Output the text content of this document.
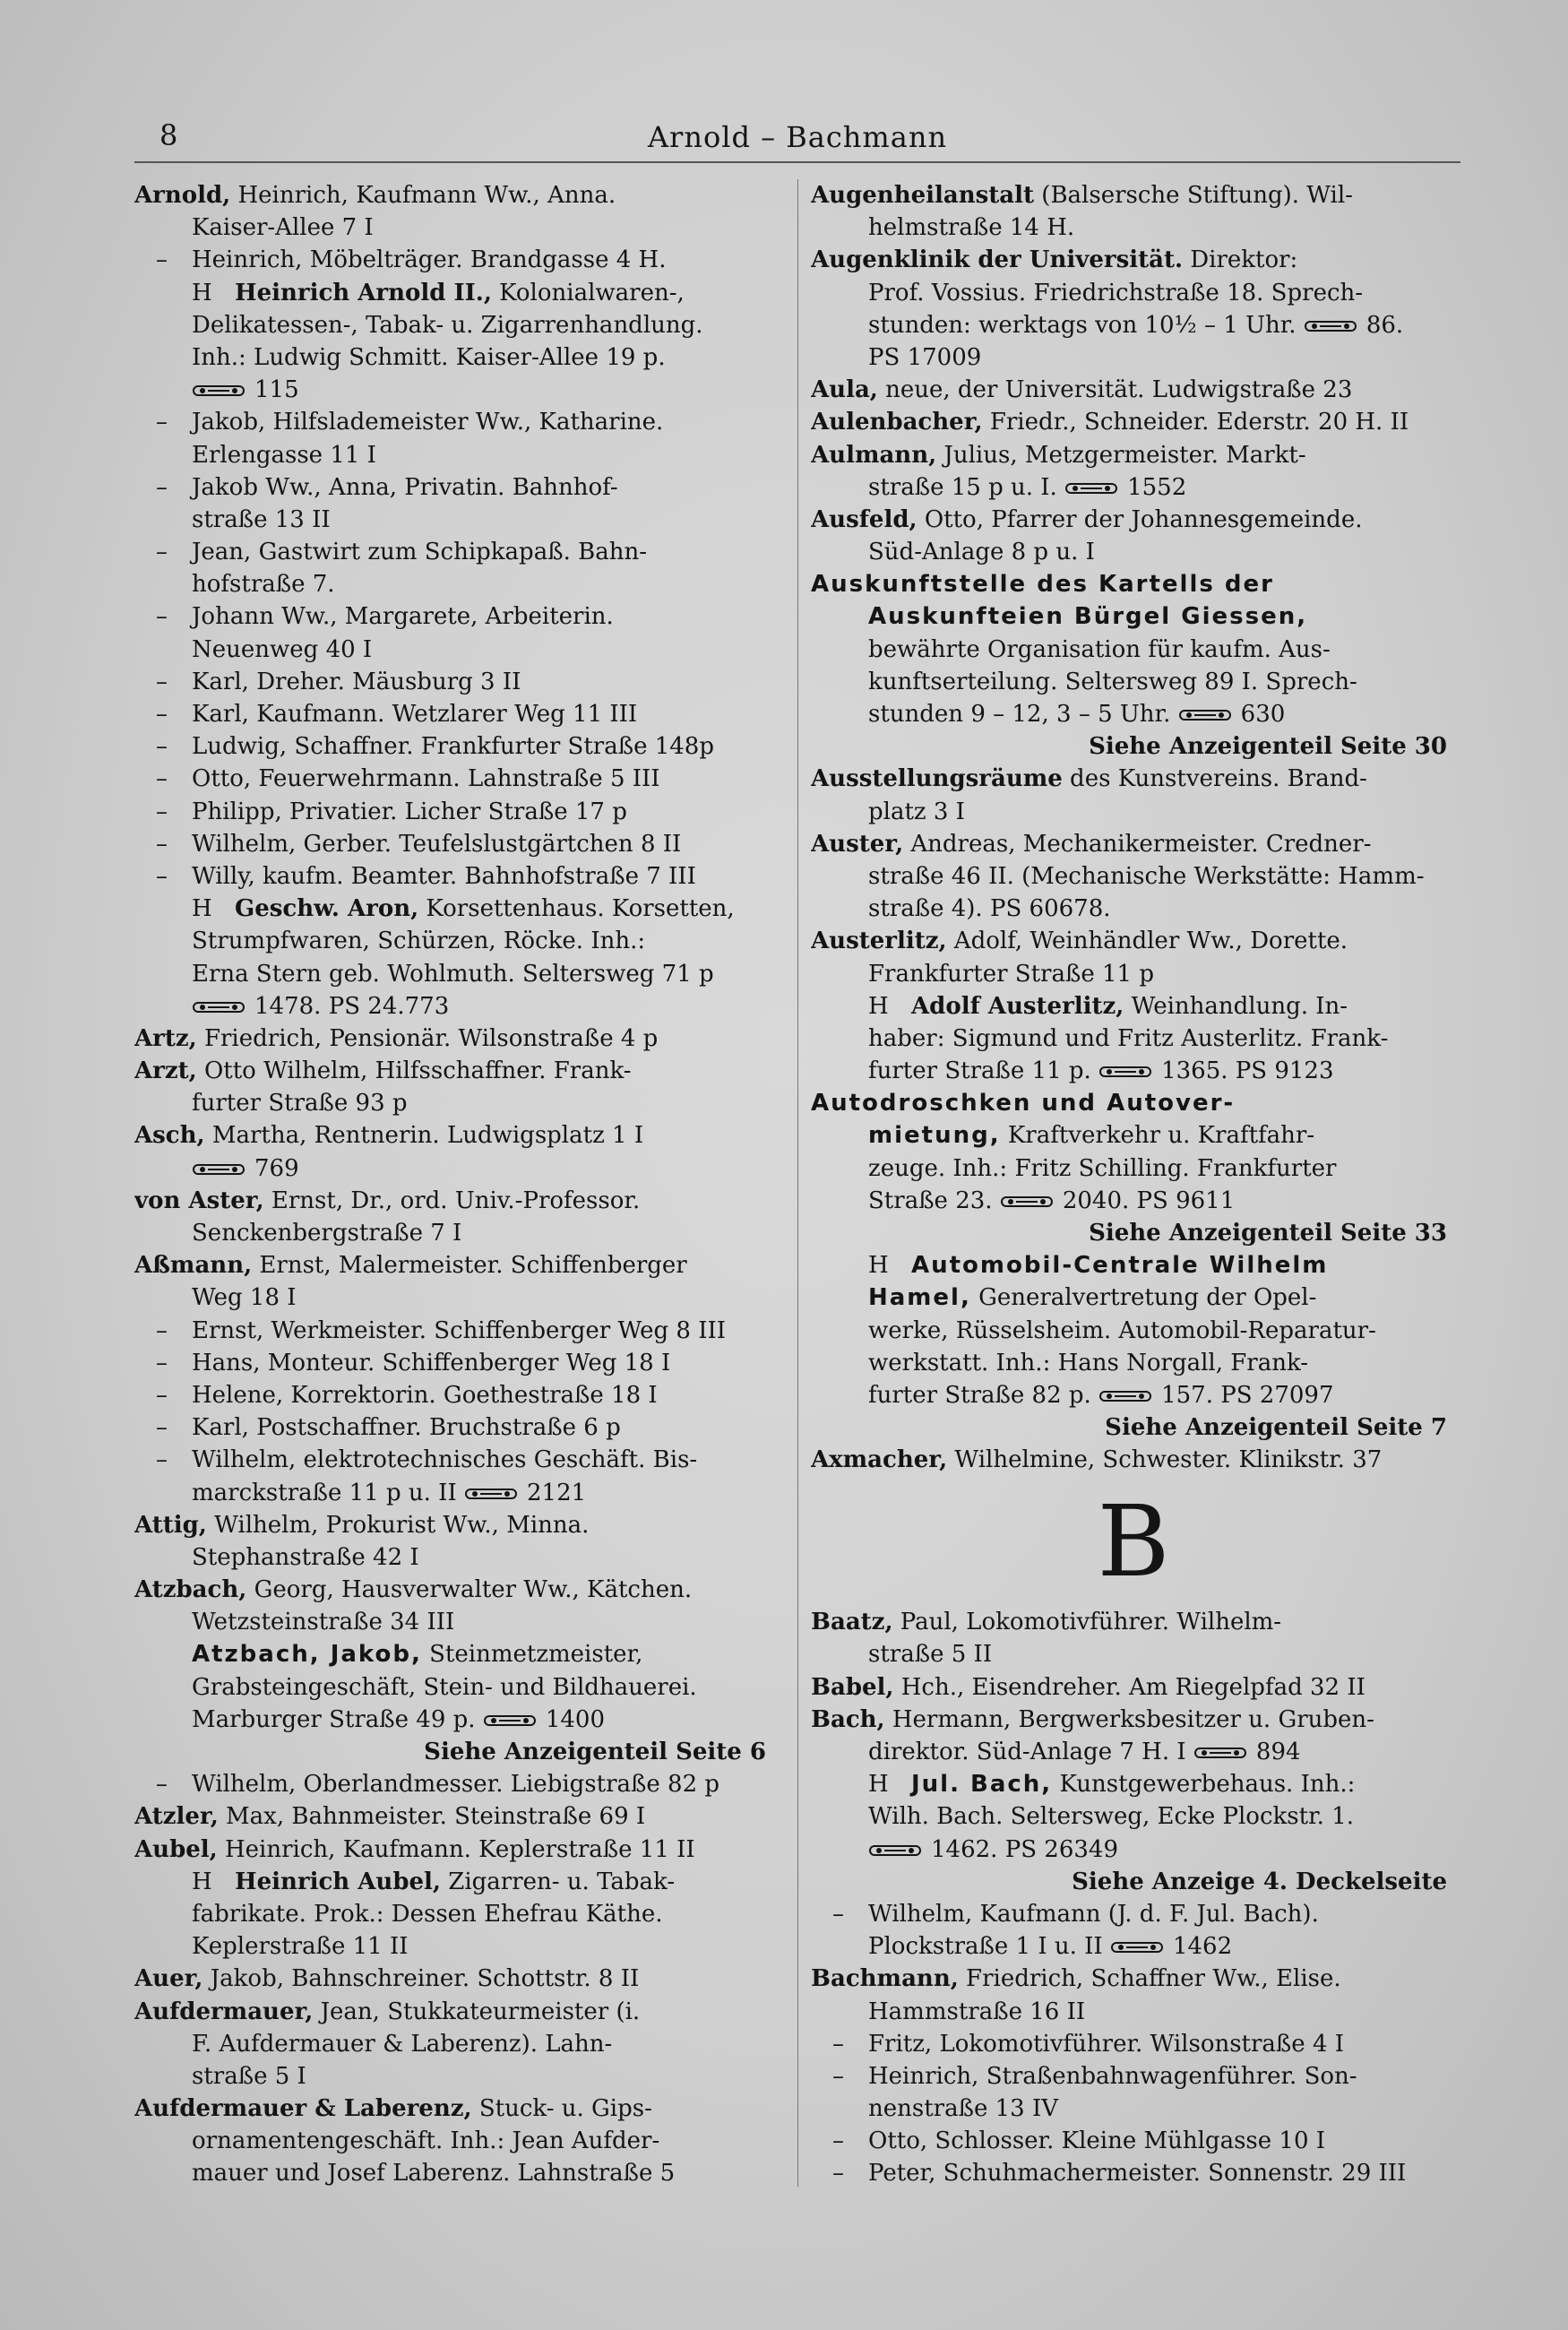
8	Arnold – Bachmann
Arnold, Heinrich, Kaufmann Ww., Anna.
Kaiser-Allee 7 I
– Heinrich, Möbelträger. Brandgasse 4 H.
H Heinrich Arnold II., Kolonialwaren-,
Delikatessen-, Tabak- u. Zigarrenhandlung.
Inh.: Ludwig Schmitt. Kaiser-Allee 19 p.
115
– Jakob, Hilfslademeister Ww., Katharine.
Erlengasse 11 I
– Jakob Ww., Anna, Privatin. Bahnhof-
straße 13 II
– Jean, Gastwirt zum Schipkapaß. Bahn-
hofstraße 7.
– Johann Ww., Margarete, Arbeiterin.
Neuenweg 40 I
– Karl, Dreher. Mäusburg 3 II
– Karl, Kaufmann. Wetzlarer Weg 11 III
– Ludwig, Schaffner. Frankfurter Straße 148p
– Otto, Feuerwehrmann. Lahnstraße 5 III
– Philipp, Privatier. Licher Straße 17 p
– Wilhelm, Gerber. Teufelslustgärtchen 8 II
– Willy, kaufm. Beamter. Bahnhofstraße 7 III
H Geschw. Aron, Korsettenhaus. Korsetten,
Strumpfwaren, Schürzen, Röcke. Inh.:
Erna Stern geb. Wohlmuth. Seltersweg 71 p
1478. PS 24.773
Artz, Friedrich, Pensionär. Wilsonstraße 4 p
Arzt, Otto Wilhelm, Hilfsschaffner. Frank-
furter Straße 93 p
Asch, Martha, Rentnerin. Ludwigsplatz 1 I
769
von Aster, Ernst, Dr., ord. Univ.-Professor.
Senckenbergstraße 7 I
Aßmann, Ernst, Malermeister. Schiffenberger
Weg 18 I
– Ernst, Werkmeister. Schiffenberger Weg 8 III
– Hans, Monteur. Schiffenberger Weg 18 I
– Helene, Korrektorin. Goethestraße 18 I
– Karl, Postschaffner. Bruchstraße 6 p
– Wilhelm, elektrotechnisches Geschäft. Bis-
marckstraße 11 p u. II	2121
Attig, Wilhelm, Prokurist Ww., Minna.
Stephanstraße 42 I
Atzbach, Georg, Hausverwalter Ww., Kätchen.
Wetzsteinstraße 34 III
Atzbach, Jakob, Steinmetzmeister,
Grabsteingeschäft, Stein- und Bildhauerei.
Marburger Straße 49 p.	1400
Siehe Anzeigenteil Seite 6
– Wilhelm, Oberlandmesser. Liebigstraße 82 p
Atzler, Max, Bahnmeister. Steinstraße 69 I
Aubel, Heinrich, Kaufmann. Keplerstraße 11 II
H Heinrich Aubel, Zigarren- u. Tabak-
fabrikate. Prok.: Dessen Ehefrau Käthe.
Keplerstraße 11 II
Auer, Jakob, Bahnschreiner. Schottstr. 8 II
Aufdermauer, Jean, Stukkateurmeister (i.
F. Aufdermauer & Laberenz). Lahn-
straße 5 I
Aufdermauer & Laberenz, Stuck- u. Gips-
ornamentengeschäft. Inh.: Jean Aufder-
mauer und Josef Laberenz. Lahnstraße 5
Augenheilanstalt (Balsersche Stiftung). Wil-
helmstraße 14 H.
Augenklinik der Universität. Direktor:
Prof. Vossius. Friedrichstraße 18. Sprech-
stunden: werktags von 10½ – 1 Uhr.	86.
PS 17009
Aula, neue, der Universität. Ludwigstraße 23
Aulenbacher, Friedr., Schneider. Ederstr. 20 H. II
Aulmann, Julius, Metzgermeister. Markt-
straße 15 p u. I.	1552
Ausfeld, Otto, Pfarrer der Johannesgemeinde.
Süd-Anlage 8 p u. I
Auskunftstelle des Kartells der
Auskunfteien Bürgel Giessen,
bewährte Organisation für kaufm. Aus-
kunftserteilung. Seltersweg 89 I. Sprech-
stunden 9 – 12, 3 – 5 Uhr.	630
Siehe Anzeigenteil Seite 30
Ausstellungsräume des Kunstvereins. Brand-
platz 3 I
Auster, Andreas, Mechanikermeister. Credner-
straße 46 II. (Mechanische Werkstätte: Hamm-
straße 4). PS 60678.
Austerlitz, Adolf, Weinhändler Ww., Dorette.
Frankfurter Straße 11 p
H Adolf Austerlitz, Weinhandlung. In-
haber: Sigmund und Fritz Austerlitz. Frank-
furter Straße 11 p.	1365. PS 9123
Autodroschken und Autover-
mietung, Kraftverkehr u. Kraftfahr-
zeuge. Inh.: Fritz Schilling. Frankfurter
Straße 23.	2040. PS 9611
Siehe Anzeigenteil Seite 33
H Automobil-Centrale Wilhelm
Hamel, Generalvertretung der Opel-
werke, Rüsselsheim. Automobil-Reparatur-
werkstatt. Inh.: Hans Norgall, Frank-
furter Straße 82 p.	157. PS 27097
Siehe Anzeigenteil Seite 7
Axmacher, Wilhelmine, Schwester. Klinikstr. 37
B
Baatz, Paul, Lokomotivführer. Wilhelm-
straße 5 II
Babel, Hch., Eisendreher. Am Riegelpfad 32 II
Bach, Hermann, Bergwerksbesitzer u. Gruben-
direktor. Süd-Anlage 7 H. I	894
H Jul. Bach, Kunstgewerbehaus. Inh.:
Wilh. Bach. Seltersweg, Ecke Plockstr. 1.
1462. PS 26349
Siehe Anzeige 4. Deckelseite
– Wilhelm, Kaufmann (J. d. F. Jul. Bach).
Plockstraße 1 I u. II	1462
Bachmann, Friedrich, Schaffner Ww., Elise.
Hammstraße 16 II
– Fritz, Lokomotivführer. Wilsonstraße 4 I
– Heinrich, Straßenbahnwagenführer. Son-
nenstraße 13 IV
– Otto, Schlosser. Kleine Mühlgasse 10 I
– Peter, Schuhmachermeister. Sonnenstr. 29 III
